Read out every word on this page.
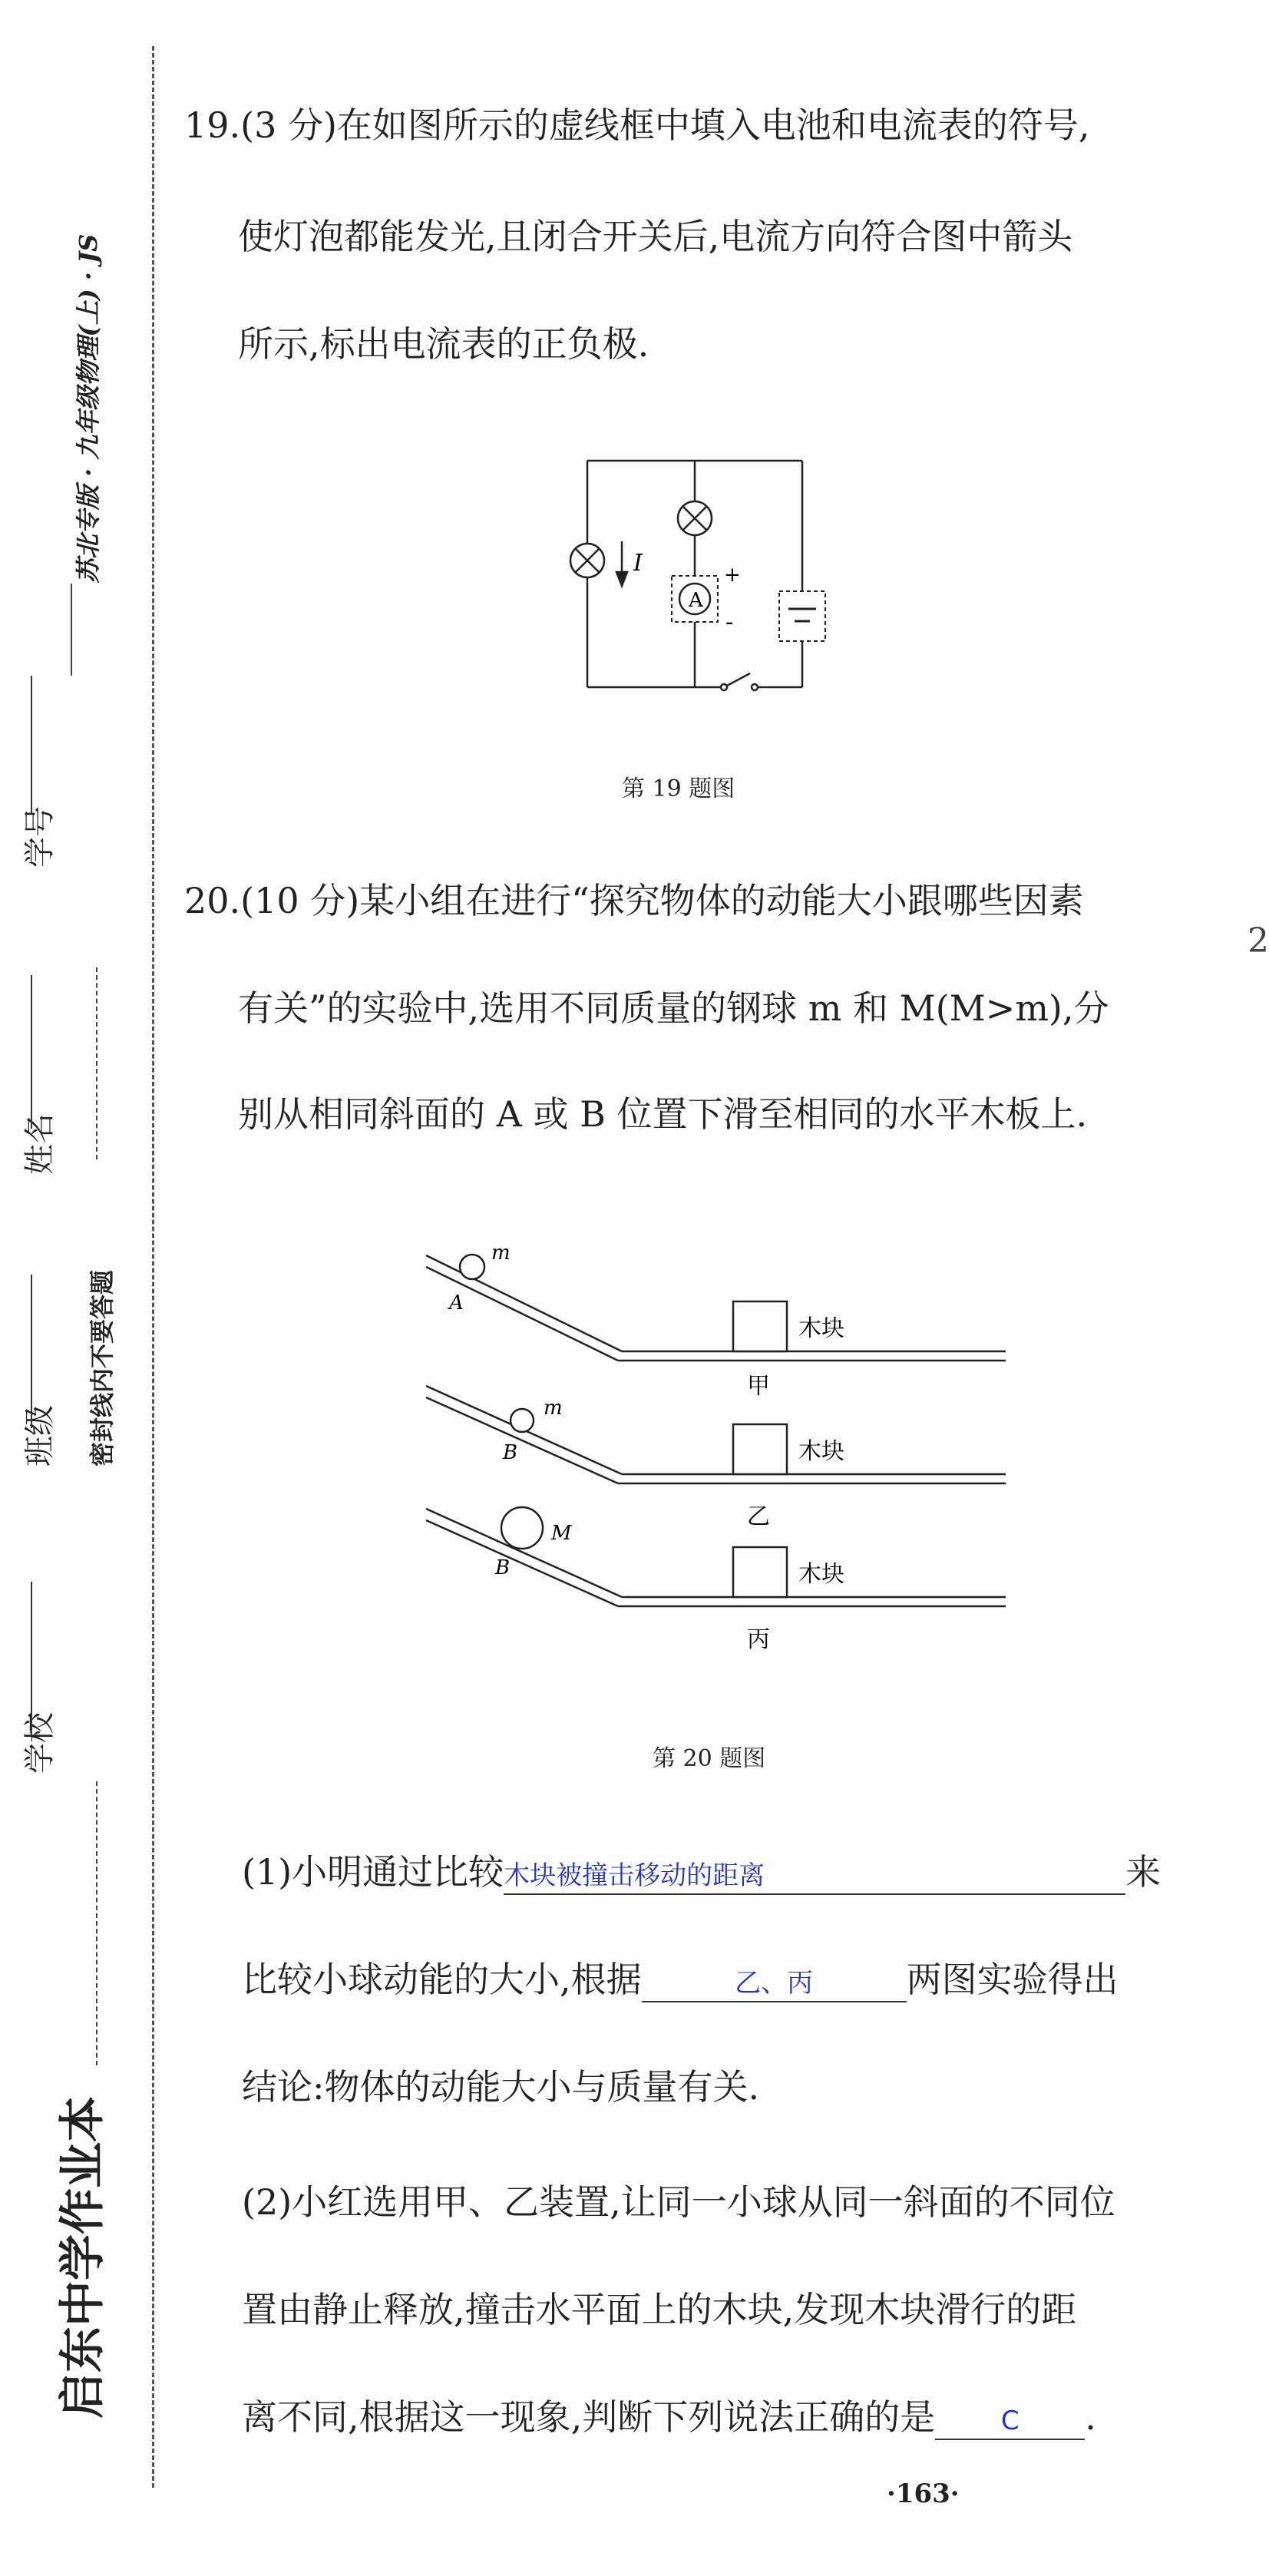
苏北专版 · 九年级物理(上) · JS
学号
姓名
密封线内不要答题
班级
学校
启东中学作业本
19.(3 分)在如图所示的虚线框中填入电池和电流表的符号,
使灯泡都能发光,且闭合开关后,电流方向符合图中箭头
所示,标出电流表的正负极.
I
A
+
-
第 19 题图
20.(10 分)某小组在进行“探究物体的动能大小跟哪些因素
有关”的实验中,选用不同质量的钢球 m 和 M(M>m),分
别从相同斜面的 A 或 B 位置下滑至相同的水平木板上.
m
A
木块
甲
m
B	木块
乙
M
B	木块
丙
第 20 题图
(1)小明通过比较木块被撞击移动的距离	来
比较小球动能的大小,根据	乙、丙	两图实验得出
结论:物体的动能大小与质量有关.
(2)小红选用甲、乙装置,让同一小球从同一斜面的不同位
置由静止释放,撞击水平面上的木块,发现木块滑行的距
离不同,根据这一现象,判断下列说法正确的是	C .
·163·
2
